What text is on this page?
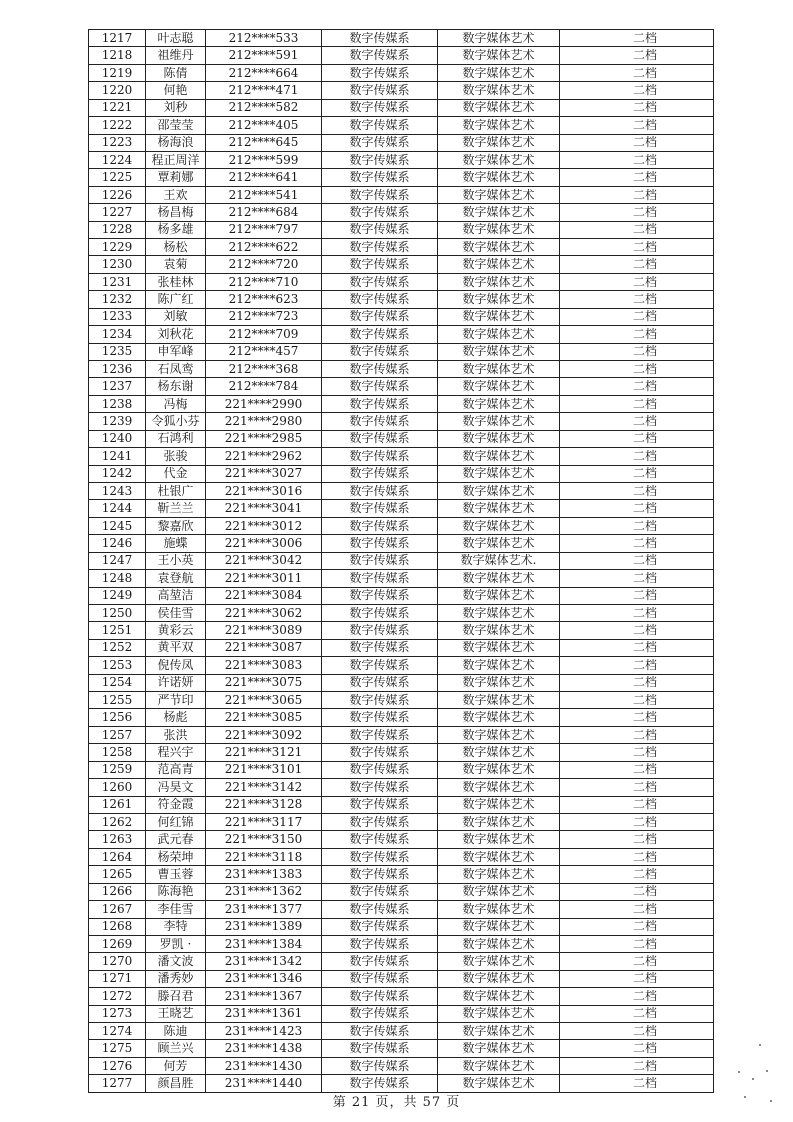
1217	叶志聪	212****533	数字传媒系	数字媒体艺术	二档
1218	祖维丹	212****591	数字传媒系	数字媒体艺术	二档
1219	陈倩	212****664	数字传媒系	数字媒体艺术	二档
1220	何艳	212****471	数字传媒系	数字媒体艺术	二档
1221	刘秒	212****582	数字传媒系	数字媒体艺术	二档
1222	邵莹莹	212****405	数字传媒系	数字媒体艺术	二档
1223	杨海浪	212****645	数字传媒系	数字媒体艺术	二档
1224	程正周洋	212****599	数字传媒系	数字媒体艺术	二档
1225	覃莉娜	212****641	数字传媒系	数字媒体艺术	二档
1226	王欢	212****541	数字传媒系	数字媒体艺术	二档
1227	杨昌梅	212****684	数字传媒系	数字媒体艺术	二档
1228	杨多雄	212****797	数字传媒系	数字媒体艺术	二档
1229	杨松	212****622	数字传媒系	数字媒体艺术	二档
1230	袁菊	212****720	数字传媒系	数字媒体艺术	二档
1231	张桂林	212****710	数字传媒系	数字媒体艺术	二档
1232	陈广红	212****623	数字传媒系	数字媒体艺术	二档
1233	刘敏	212****723	数字传媒系	数字媒体艺术	二档
1234	刘秋花	212****709	数字传媒系	数字媒体艺术	二档
1235	申军峰	212****457	数字传媒系	数字媒体艺术	二档
1236	石凤鸾	212****368	数字传媒系	数字媒体艺术	二档
1237	杨东谢	212****784	数字传媒系	数字媒体艺术	二档
1238	冯梅	221****2990	数字传媒系	数字媒体艺术	二档
1239	令狐小芬	221****2980	数字传媒系	数字媒体艺术	二档
1240	石鸿利	221****2985	数字传媒系	数字媒体艺术	二档
1241	张骏	221****2962	数字传媒系	数字媒体艺术	二档
1242	代金	221****3027	数字传媒系	数字媒体艺术	二档
1243	杜银广	221****3016	数字传媒系	数字媒体艺术	二档
1244	靳兰兰	221****3041	数字传媒系	数字媒体艺术	二档
1245	黎嘉欣	221****3012	数字传媒系	数字媒体艺术	二档
1246	施蝶	221****3006	数字传媒系	数字媒体艺术	二档
1247	王小英	221****3042	数字传媒系	数字媒体艺术.	二档
1248	袁登航	221****3011	数字传媒系	数字媒体艺术	二档
1249	高堃洁	221****3084	数字传媒系	数字媒体艺术	二档
1250	侯佳雪	221****3062	数字传媒系	数字媒体艺术	二档
1251	黄彩云	221****3089	数字传媒系	数字媒体艺术	二档
1252	黄平双	221****3087	数字传媒系	数字媒体艺术	二档
1253	倪传凤	221****3083	数字传媒系	数字媒体艺术	二档
1254	许诺妍	221****3075	数字传媒系	数字媒体艺术	二档
1255	严节印	221****3065	数字传媒系	数字媒体艺术	二档
1256	杨彪	221****3085	数字传媒系	数字媒体艺术	二档
1257	张洪	221****3092	数字传媒系	数字媒体艺术	二档
1258	程兴宇	221****3121	数字传媒系	数字媒体艺术	二档
1259	范高青	221****3101	数字传媒系	数字媒体艺术	二档
1260	冯昊文	221****3142	数字传媒系	数字媒体艺术	二档
1261	符金霞	221****3128	数字传媒系	数字媒体艺术	二档
1262	何红锦	221****3117	数字传媒系	数字媒体艺术	二档
1263	武元春	221****3150	数字传媒系	数字媒体艺术	二档
1264	杨荣坤	221****3118	数字传媒系	数字媒体艺术	二档
1265	曹玉蓉	231****1383	数字传媒系	数字媒体艺术	二档
1266	陈海艳	231****1362	数字传媒系	数字媒体艺术	二档
1267	李佳雪	231****1377	数字传媒系	数字媒体艺术	二档
1268	李特	231****1389	数字传媒系	数字媒体艺术	二档
1269	罗凯 ·	231****1384	数字传媒系	数字媒体艺术	二档
1270	潘文波	231****1342	数字传媒系	数字媒体艺术	二档
1271	潘秀妙	231****1346	数字传媒系	数字媒体艺术	二档
1272	滕召君	231****1367	数字传媒系	数字媒体艺术	二档
1273	王晓艺	231****1361	数字传媒系	数字媒体艺术	二档
1274	陈迪	231****1423	数字传媒系	数字媒体艺术	二档
1275	顾兰兴	231****1438	数字传媒系	数字媒体艺术	二档
1276	何芳	231****1430	数字传媒系	数字媒体艺术	二档
1277	颜昌胜	231****1440	数字传媒系	数字媒体艺术	二档
第 21 页，共 57 页
